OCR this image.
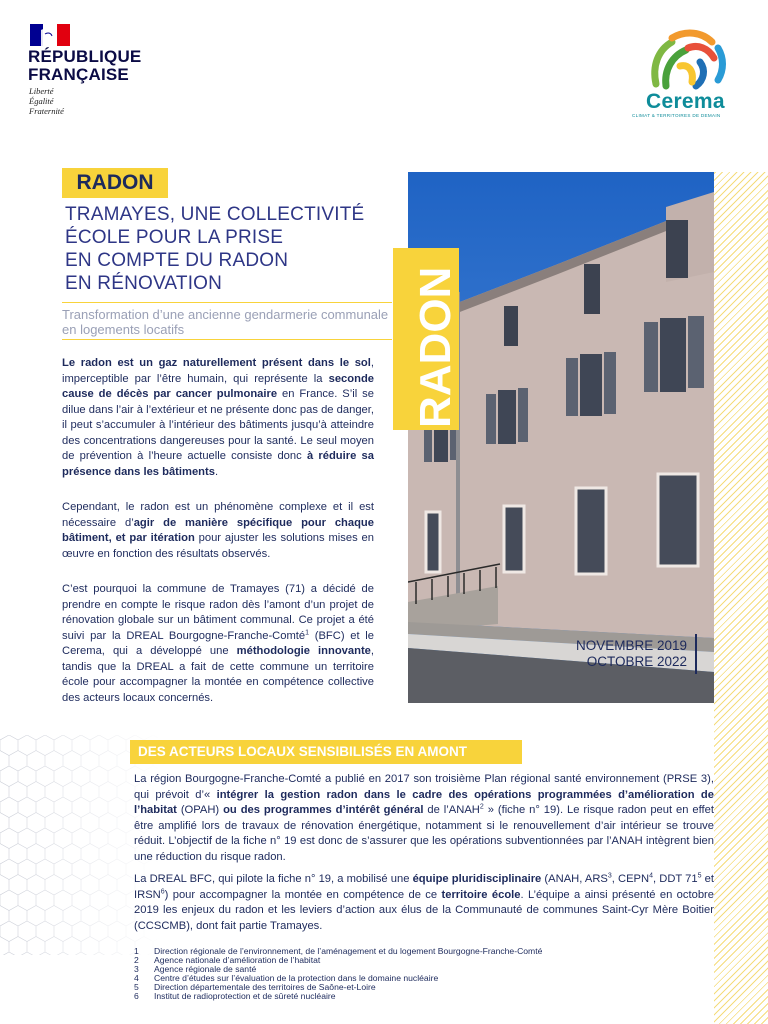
RÉPUBLIQUE
FRANÇAISE
Liberté
Égalité
Fraternité	Cerema
CLIMAT & TERRITOIRES DE DEMAIN
RADON
TRAMAYES, UNE COLLECTIVITÉ
ÉCOLE POUR LA PRISE
EN COMPTE DU RADON
EN RÉNOVATION
Transformation d’une ancienne gendarmerie communale en logements locatifs
Le radon est un gaz naturellement présent dans le sol, imperceptible par l’être humain, qui représente la seconde cause de décès par cancer pulmonaire en France. S’il se dilue dans l’air à l’extérieur et ne présente donc pas de danger, il peut s’accumuler à l’intérieur des bâtiments jusqu’à atteindre des concentrations dangereuses pour la santé. Le seul moyen de prévention à l’heure actuelle consiste donc à réduire sa présence dans les bâtiments.
Cependant, le radon est un phénomène complexe et il est nécessaire d’agir de manière spécifique pour chaque bâtiment, et par itération pour ajuster les solutions mises en œuvre en fonction des résultats observés.
C’est pourquoi la commune de Tramayes (71) a décidé de prendre en compte le risque radon dès l’amont d’un projet de rénovation globale sur un bâtiment communal. Ce projet a été suivi par la DREAL Bourgogne-Franche-Comté$^1$ (BFC) et le Cerema, qui a développé une méthodologie innovante, tandis que la DREAL a fait de cette commune un territoire école pour accompagner la montée en compétence collective des acteurs locaux concernés.
RADON
NOVEMBRE 2019
OCTOBRE 2022
DES ACTEURS LOCAUX SENSIBILISÉS EN AMONT
La région Bourgogne-Franche-Comté a publié en 2017 son troisième Plan régional santé environnement (PRSE 3), qui prévoit d’« intégrer la gestion radon dans le cadre des opérations programmées d’amélioration de l’habitat (OPAH) ou des programmes d’intérêt général de l’ANAH$^2$ » (fiche n° 19). Le risque radon peut en effet être amplifié lors de travaux de rénovation énergétique, notamment si le renouvellement d’air intérieur se trouve réduit. L’objectif de la fiche n° 19 est donc de s’assurer que les opérations subventionnées par l’ANAH intègrent bien une réduction du risque radon.
La DREAL BFC, qui pilote la fiche n° 19, a mobilisé une équipe pluridisciplinaire (ANAH, ARS$^3$, CEPN$^4$, DDT $71^5$ et IRSN$^6$) pour accompagner la montée en compétence de ce territoire école. L’équipe a ainsi présenté en octobre 2019 les enjeux du radon et les leviers d’action aux élus de la Communauté de communes Saint-Cyr Mère Boitier (CCSCMB), dont fait partie Tramayes.
1 Direction régionale de l’environnement, de l’aménagement et du logement Bourgogne-Franche-Comté
2 Agence nationale d’amélioration de l’habitat
3 Agence régionale de santé
4 Centre d’études sur l’évaluation de la protection dans le domaine nucléaire
5 Direction départementale des territoires de Saône-et-Loire
6 Institut de radioprotection et de sûreté nucléaire
